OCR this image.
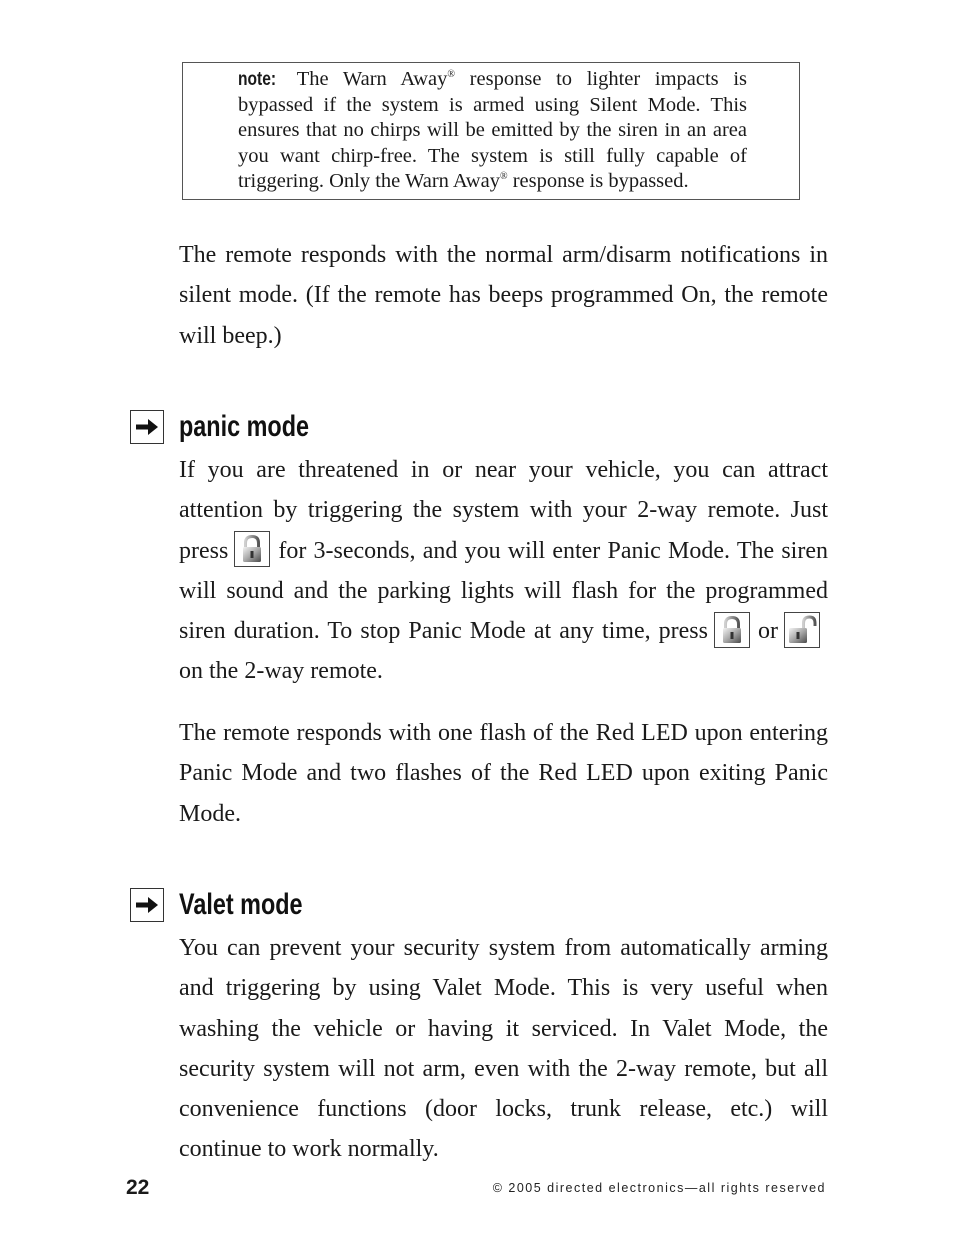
note: The Warn Away® response to lighter impacts is bypassed if the system is armed using Silent Mode. This ensures that no chirps will be emitted by the siren in an area you want chirp-free. The system is still fully capable of triggering. Only the Warn Away® response is bypassed.

The remote responds with the normal arm/disarm notifications in silent mode. (If the remote has beeps programmed On, the remote will beep.)

panic mode

If you are threatened in or near your vehicle, you can attract attention by triggering the system with your 2-way remote. Just press for 3-seconds, and you will enter Panic Mode. The siren will sound and the parking lights will flash for the programmed siren duration. To stop Panic Mode at any time, press or
on the 2-way remote.

The remote responds with one flash of the Red LED upon entering Panic Mode and two flashes of the Red LED upon exiting Panic Mode.

Valet mode

You can prevent your security system from automatically arming and triggering by using Valet Mode. This is very useful when washing the vehicle or having it serviced. In Valet Mode, the security system will not arm, even with the 2-way remote, but all convenience functions (door locks, trunk release, etc.) will continue to work normally.

22	© 2005 directed electronics—all rights reserved
